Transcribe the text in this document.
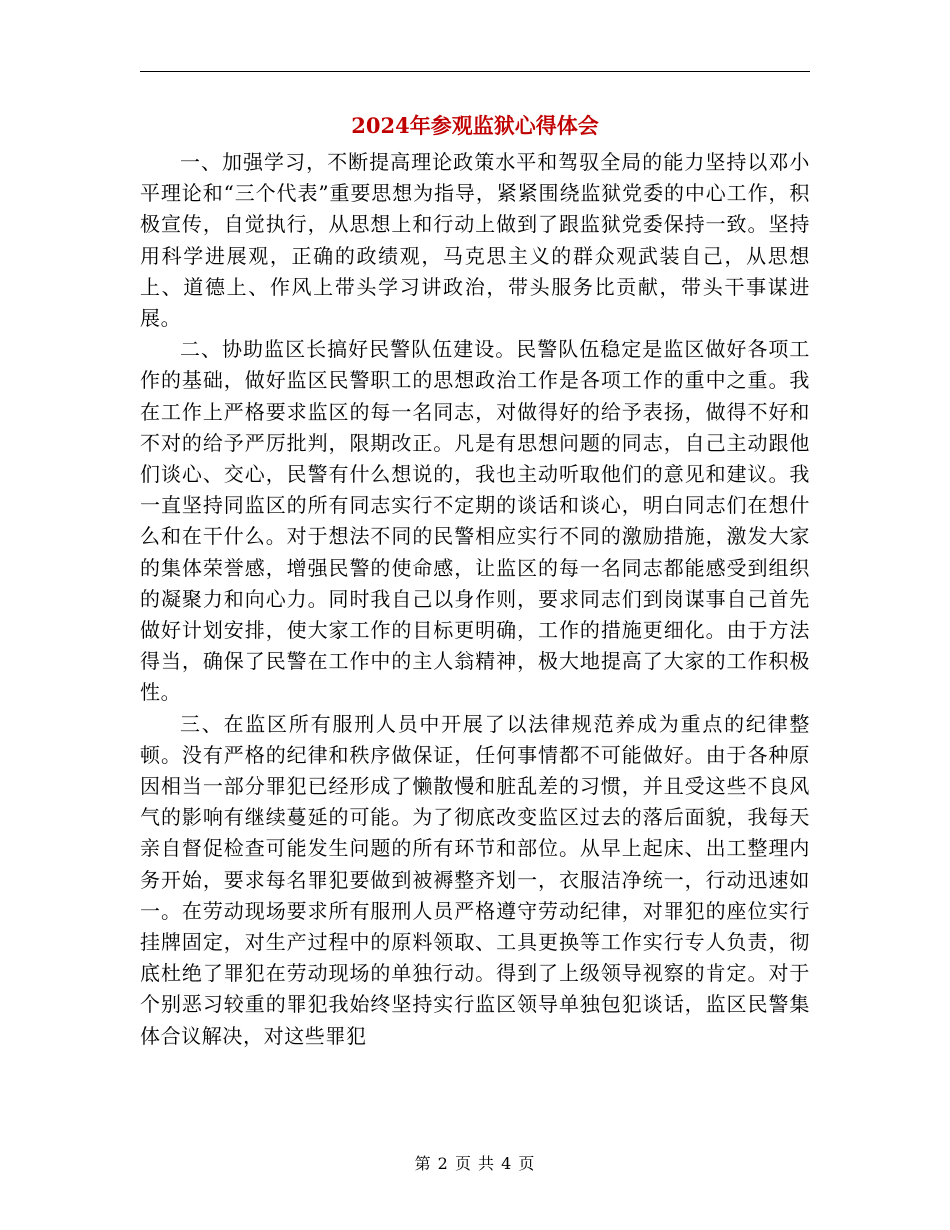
2024年参观监狱心得体会

一、加强学习，不断提高理论政策水平和驾驭全局的能力坚持以邓小平理论和“三个代表”重要思想为指导，紧紧围绕监狱党委的中心工作，积极宣传，自觉执行，从思想上和行动上做到了跟监狱党委保持一致。坚持用科学进展观，正确的政绩观，马克思主义的群众观武装自己，从思想上、道德上、作风上带头学习讲政治，带头服务比贡献，带头干事谋进展。

二、协助监区长搞好民警队伍建设。民警队伍稳定是监区做好各项工作的基础，做好监区民警职工的思想政治工作是各项工作的重中之重。我在工作上严格要求监区的每一名同志，对做得好的给予表扬，做得不好和不对的给予严厉批判，限期改正。凡是有思想问题的同志，自己主动跟他们谈心、交心，民警有什么想说的，我也主动听取他们的意见和建议。我一直坚持同监区的所有同志实行不定期的谈话和谈心，明白同志们在想什么和在干什么。对于想法不同的民警相应实行不同的激励措施，激发大家的集体荣誉感，增强民警的使命感，让监区的每一名同志都能感受到组织的凝聚力和向心力。同时我自己以身作则，要求同志们到岗谋事自己首先做好计划安排，使大家工作的目标更明确，工作的措施更细化。由于方法得当，确保了民警在工作中的主人翁精神，极大地提高了大家的工作积极性。

三、在监区所有服刑人员中开展了以法律规范养成为重点的纪律整顿。没有严格的纪律和秩序做保证，任何事情都不可能做好。由于各种原因相当一部分罪犯已经形成了懒散慢和脏乱差的习惯，并且受这些不良风气的影响有继续蔓延的可能。为了彻底改变监区过去的落后面貌，我每天亲自督促检查可能发生问题的所有环节和部位。从早上起床、出工整理内务开始，要求每名罪犯要做到被褥整齐划一，衣服洁净统一，行动迅速如一。在劳动现场要求所有服刑人员严格遵守劳动纪律，对罪犯的座位实行挂牌固定，对生产过程中的原料领取、工具更换等工作实行专人负责，彻底杜绝了罪犯在劳动现场的单独行动。得到了上级领导视察的肯定。对于个别恶习较重的罪犯我始终坚持实行监区领导单独包犯谈话，监区民警集体合议解决，对这些罪犯

第 2 页 共 4 页
